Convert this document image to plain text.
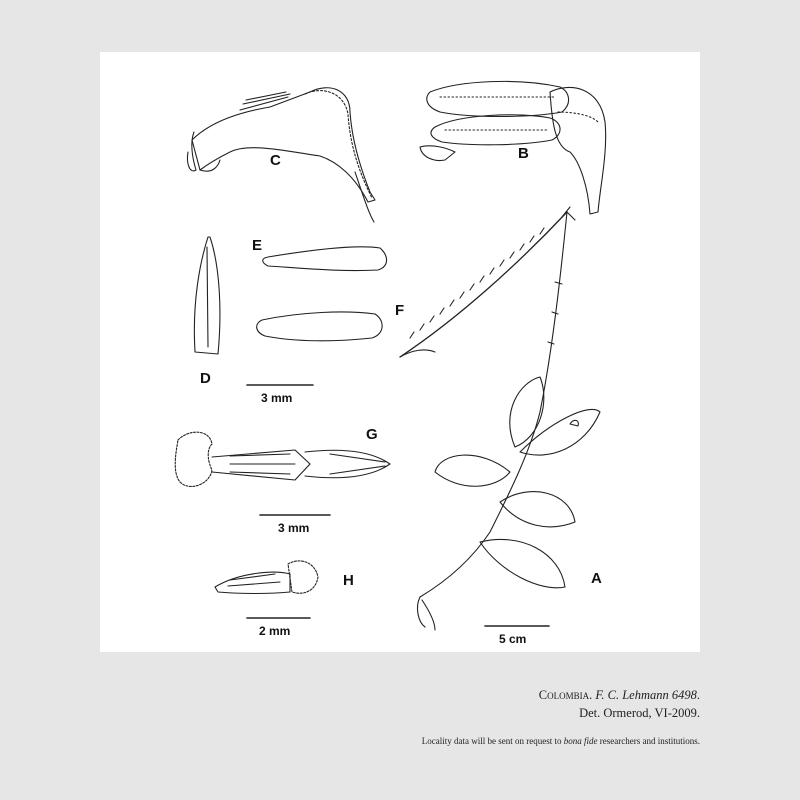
C	B
E
F
D
G
H	A
3 mm
3 mm
2 mm
5 cm
Colombia. F. C. Lehmann 6498.
Det. Ormerod, VI-2009.
Locality data will be sent on request to bona fide researchers and institutions.
